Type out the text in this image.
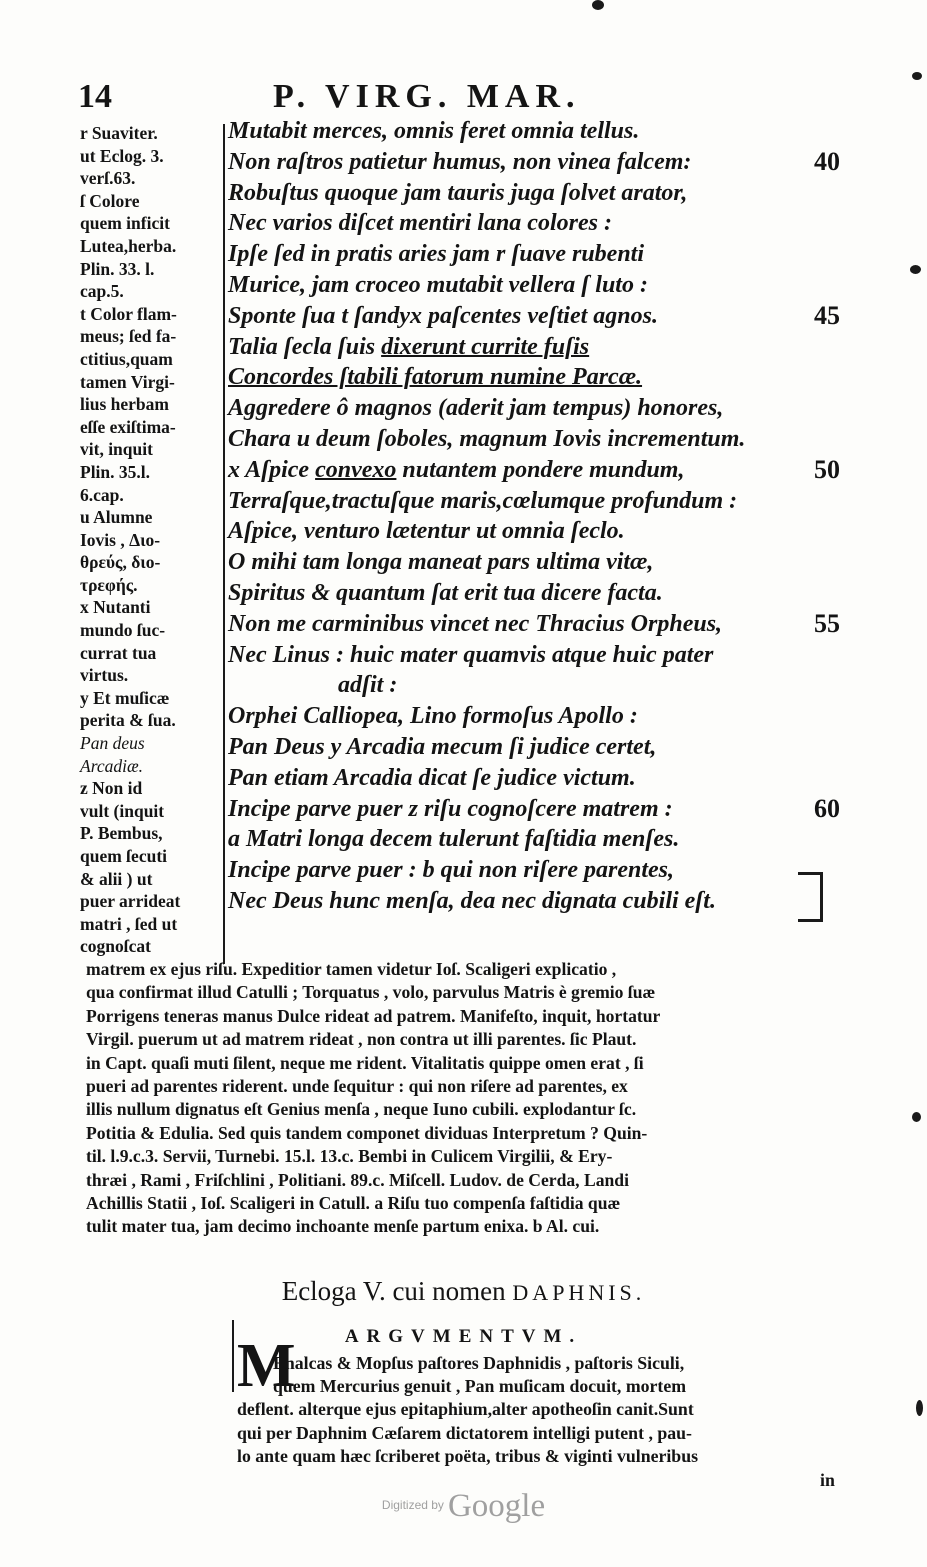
14	P. VIRG. MAR.
r Suaviter.
ut Eclog. 3.
verſ.63.
ſ Colore
quem inficit
Lutea,herba.
Plin. 33. l.
cap.5.
t Color flam-
meus; ſed fa-
ctitius,quam
tamen Virgi-
lius herbam
eſſe exiſtima-
vit, inquit
Plin. 35.l.
6.cap.
u Alumne
Iovis , Διο-
θρεύς, διο-
τρεφής.
x Nutanti
mundo ſuc-
currat tua
virtus.
y Et muſicæ
perita & ſua.
Pan deus
Arcadiæ.
z Non id
vult (inquit
P. Bembus,
quem ſecuti
& alii ) ut
puer arrideat
matri , ſed ut
cognoſcat
Mutabit merces, omnis feret omnia tellus.
Non raſtros patietur humus, non vinea falcem:	40
Robuſtus quoque jam tauris juga ſolvet arator,
Nec varios diſcet mentiri lana colores :
Ipſe ſed in pratis aries jam r ſuave rubenti
Murice, jam croceo mutabit vellera ſ luto :
Sponte ſua t ſandyx paſcentes veſtiet agnos.	45
Talia ſecla ſuis dixerunt currite fuſis
Concordes ſtabili fatorum numine Parcæ.
Aggredere ô magnos (aderit jam tempus) honores,
Chara u deum ſoboles, magnum Iovis incrementum.
x Aſpice convexo nutantem pondere mundum,	50
Terraſque,tractuſque maris,cœlumque profundum :
Aſpice, venturo lætentur ut omnia ſeclo.
O mihi tam longa maneat pars ultima vitæ,
Spiritus & quantum ſat erit tua dicere facta.
Non me carminibus vincet nec Thracius Orpheus,	55
Nec Linus : huic mater quamvis atque huic pater
adſit :
Orphei Calliopea, Lino formoſus Apollo :
Pan Deus y Arcadia mecum ſi judice certet,
Pan etiam Arcadia dicat ſe judice victum.
Incipe parve puer z riſu cognoſcere matrem :	60
a Matri longa decem tulerunt faſtidia menſes.
Incipe parve puer : b qui non riſere parentes,
Nec Deus hunc menſa, dea nec dignata cubili eſt.
matrem ex ejus riſu. Expeditior tamen videtur Ioſ. Scaligeri explicatio ,
qua confirmat illud Catulli ; Torquatus , volo, parvulus Matris è gremio ſuæ
Porrigens teneras manus Dulce rideat ad patrem. Manifeſto, inquit, hortatur
Virgil. puerum ut ad matrem rideat , non contra ut illi parentes. ſic Plaut.
in Capt. quaſi muti ſilent, neque me rident. Vitalitatis quippe omen erat , ſi
pueri ad parentes riderent. unde ſequitur : qui non riſere ad parentes, ex
illis nullum dignatus eſt Genius menſa , neque Iuno cubili. explodantur ſc.
Potitia & Edulia. Sed quis tandem componet dividuas Interpretum ? Quin-
til. l.9.c.3. Servii, Turnebi. 15.l. 13.c. Bembi in Culicem Virgilii, & Ery-
thræi , Rami , Friſchlini , Politiani. 89.c. Miſcell. Ludov. de Cerda, Landi
Achillis Statii , Ioſ. Scaligeri in Catull. a Riſu tuo compenſa faſtidia quæ
tulit mater tua, jam decimo inchoante menſe partum enixa. b Al. cui.
Ecloga V. cui nomen DAPHNIS.
ARGVMENTVM.
M
Enalcas & Mopſus paſtores Daphnidis , paſtoris Siculi,
quem Mercurius genuit , Pan muſicam docuit, mortem
deflent. alterque ejus epitaphium,alter apotheoſin canit.Sunt
qui per Daphnim Cæſarem dictatorem intelligi putent , pau-
lo ante quam hæc ſcriberet poëta, tribus & viginti vulneribus
in
$^{Digitized by}$ Google
